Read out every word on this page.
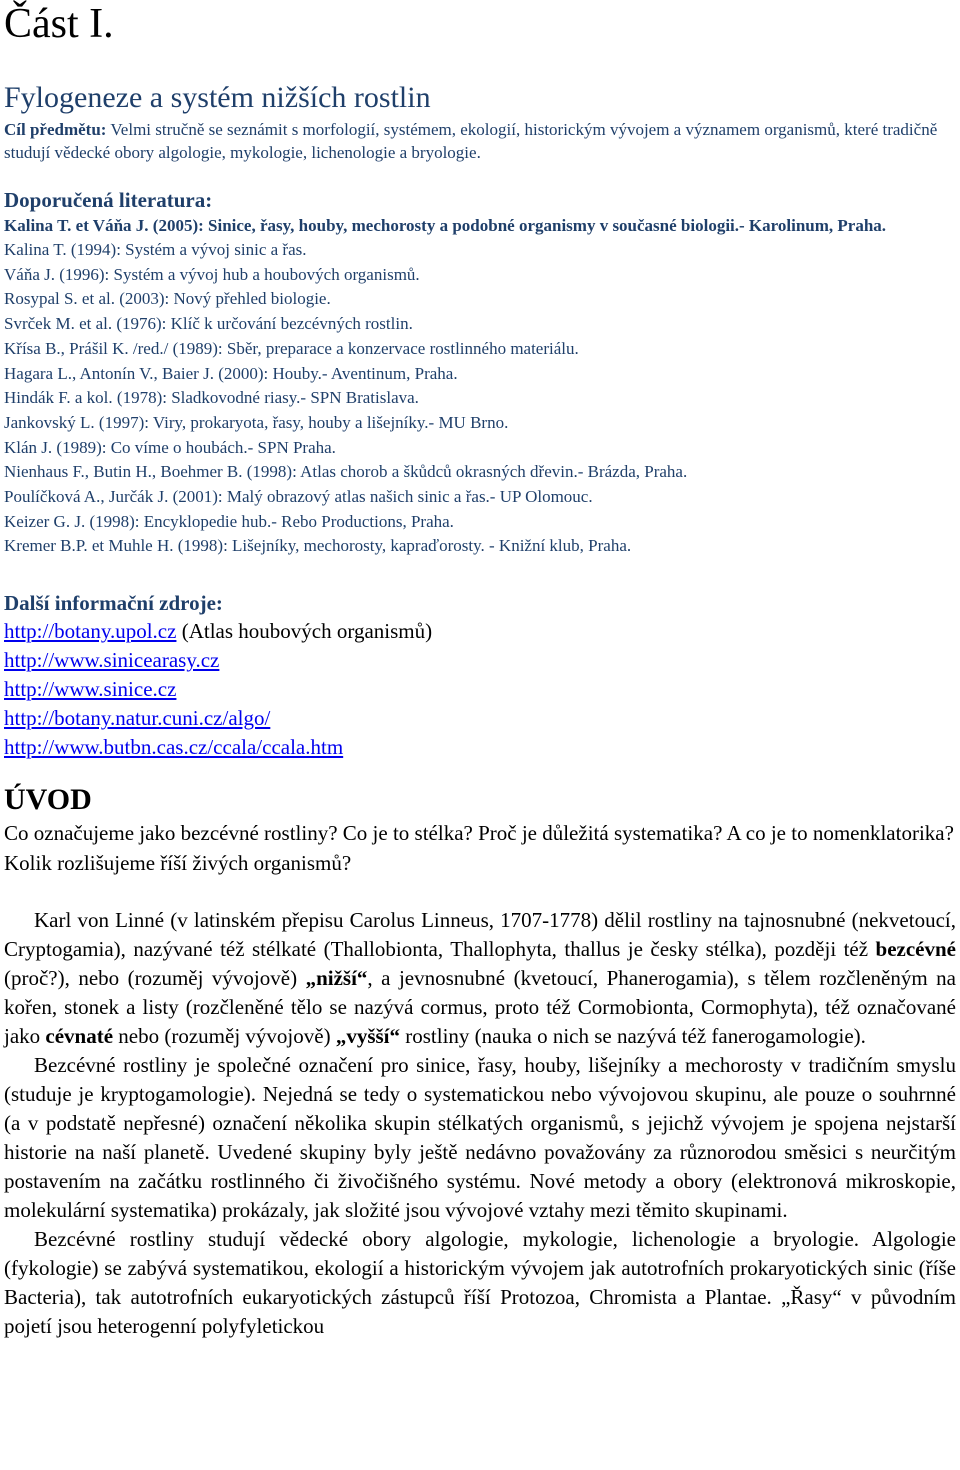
Část I.
Fylogeneze a systém nižších rostlin

Cíl předmětu: Velmi stručně se seznámit s morfologií, systémem, ekologií, historickým vývojem a významem organismů, které tradičně studují vědecké obory algologie, mykologie, lichenologie a bryologie.

Doporučená literatura:

Kalina T. et Váňa J. (2005): Sinice, řasy, houby, mechorosty a podobné organismy v současné biologii.- Karolinum, Praha.

Kalina T. (1994): Systém a vývoj sinic a řas.
Váňa J. (1996): Systém a vývoj hub a houbových organismů.
Rosypal S. et al. (2003): Nový přehled biologie.
Svrček M. et al. (1976): Klíč k určování bezcévných rostlin.
Křísa B., Prášil K. /red./ (1989): Sběr, preparace a konzervace rostlinného materiálu.
Hagara L., Antonín V., Baier J. (2000): Houby.- Aventinum, Praha.
Hindák F. a kol. (1978): Sladkovodné riasy.- SPN Bratislava.
Jankovský L. (1997): Viry, prokaryota, řasy, houby a lišejníky.- MU Brno.
Klán J. (1989): Co víme o houbách.- SPN Praha.
Nienhaus F., Butin H., Boehmer B. (1998): Atlas chorob a škůdců okrasných dřevin.- Brázda, Praha.
Poulíčková A., Jurčák J. (2001): Malý obrazový atlas našich sinic a řas.- UP Olomouc.
Keizer G. J. (1998): Encyklopedie hub.- Rebo Productions, Praha.
Kremer B.P. et Muhle H. (1998): Lišejníky, mechorosty, kapraďorosty. - Knižní klub, Praha.
Další informační zdroje:

http://botany.upol.cz (Atlas houbových organismů)

http://www.sinicearasy.cz

http://www.sinice.cz

http://botany.natur.cuni.cz/algo/

http://www.butbn.cas.cz/ccala/ccala.htm

ÚVOD

Co označujeme jako bezcévné rostliny? Co je to stélka? Proč je důležitá systematika? A co je to nomenklatorika? Kolik rozlišujeme říší živých organismů?

Karl von Linné (v latinském přepisu Carolus Linneus, 1707-1778) dělil rostliny na tajnosnubné (nekvetoucí, Cryptogamia), nazývané též stélkaté (Thallobionta, Thallophyta, thallus je česky stélka), později též bezcévné (proč?), nebo (rozuměj vývojově) „nižší“, a jevnosnubné (kvetoucí, Phanerogamia), s tělem rozčleněným na kořen, stonek a listy (rozčleněné tělo se nazývá cormus, proto též Cormobionta, Cormophyta), též označované jako cévnaté nebo (rozuměj vývojově) „vyšší“ rostliny (nauka o nich se nazývá též fanerogamologie).

Bezcévné rostliny je společné označení pro sinice, řasy, houby, lišejníky a mechorosty v tradičním smyslu (studuje je kryptogamologie). Nejedná se tedy o systematickou nebo vývojovou skupinu, ale pouze o souhrnné (a v podstatě nepřesné) označení několika skupin stélkatých organismů, s jejichž vývojem je spojena nejstarší historie na naší planetě. Uvedené skupiny byly ještě nedávno považovány za různorodou směsici s neurčitým postavením na začátku rostlinného či živočišného systému. Nové metody a obory (elektronová mikroskopie, molekulární systematika) prokázaly, jak složité jsou vývojové vztahy mezi těmito skupinami.

Bezcévné rostliny studují vědecké obory algologie, mykologie, lichenologie a bryologie. Algologie (fykologie) se zabývá systematikou, ekologií a historickým vývojem jak autotrofních prokaryotických sinic (říše Bacteria), tak autotrofních eukaryotických zástupců říší Protozoa, Chromista a Plantae. „Řasy“ v původním pojetí jsou heterogenní polyfyletickou
